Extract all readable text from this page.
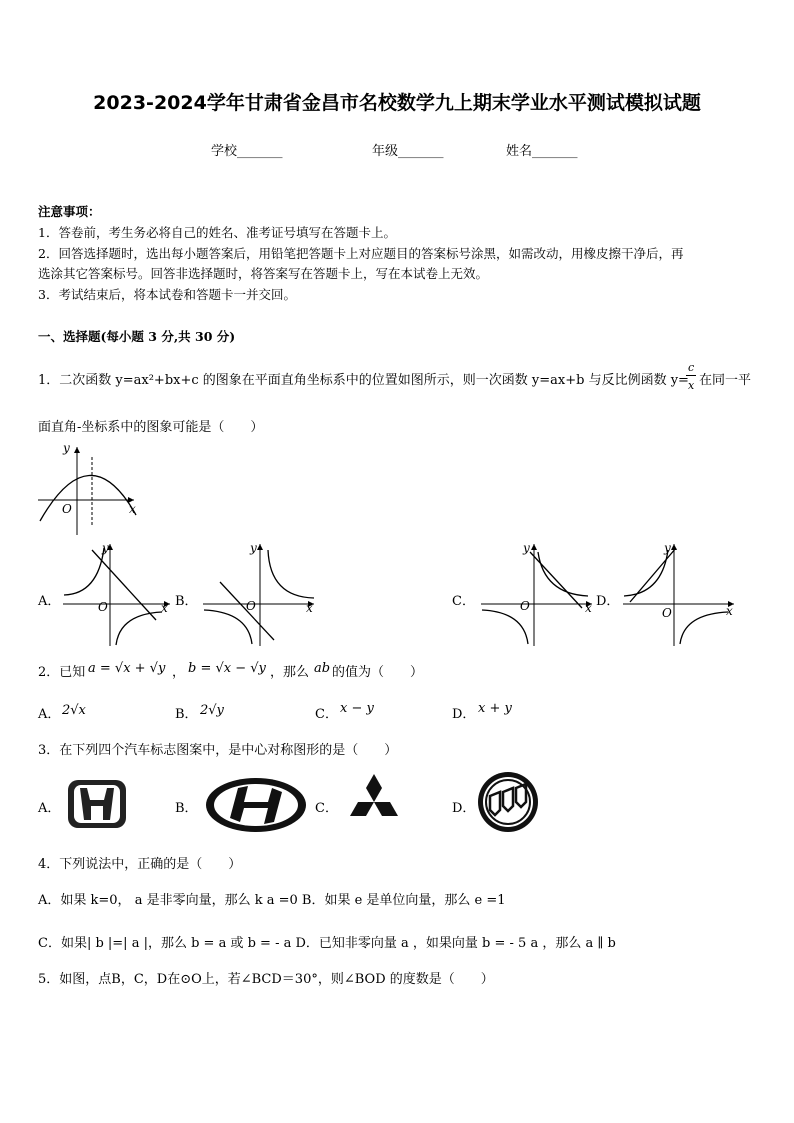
2023-2024学年甘肃省金昌市名校数学九上期末学业水平测试模拟试题
学校_______	年级_______	姓名_______
注意事项：
1．答卷前，考生务必将自己的姓名、准考证号填写在答题卡上。
2．回答选择题时，选出每小题答案后，用铅笔把答题卡上对应题目的答案标号涂黑，如需改动，用橡皮擦干净后，再
选涂其它答案标号。回答非选择题时，将答案写在答题卡上，写在本试卷上无效。
3．考试结束后，将本试卷和答题卡一并交回。
一、选择题(每小题 3 分,共 30 分)
1．二次函数 y=ax²+bx+c 的图象在平面直角坐标系中的位置如图所示，则一次函数 y=ax+b 与反比例函数 y=
c
x 在同一平
面直角-坐标系中的图象可能是（　　）
y
x
O
A．	O
y
x B．	O
y
x	C．	O
y
x D．
O
y
x
2．已知 a = √x + √y ， b = √x − √y ，那么 ab 的值为（　　）
A． 2√x	B． 2√y	C． x − y	D． x + y
3．在下列四个汽车标志图案中，是中心对称图形的是（　　）
A．	B．	C．	D．
4．下列说法中，正确的是（　　）
A．如果 k=0， a 是非零向量，那么 k a =0 B．如果 e 是单位向量，那么 e =1
C．如果| b |=| a |，那么 b = a 或 b = - a D．已知非零向量 a ，如果向量 b = - 5 a ，那么 a ∥ b
5．如图，点B，C，D在⊙O上，若∠BCD＝30°，则∠BOD 的度数是（　　）
